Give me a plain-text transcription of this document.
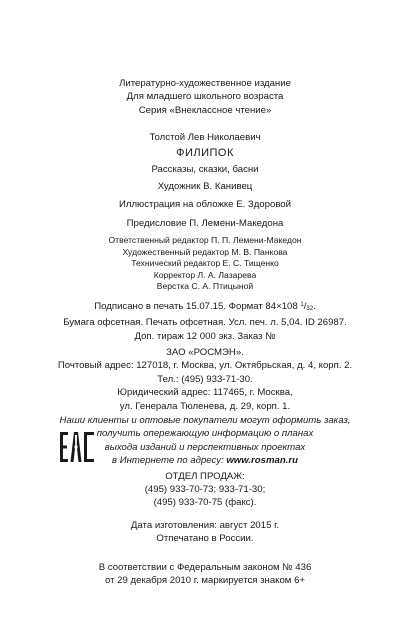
Литературно-художественное издание
Для младшего школьного возраста
Серия «Внеклассное чтение»
Толстой Лев Николаевич
ФИЛИПОК
Рассказы, сказки, басни
Художник В. Канивец
Иллюстрация на обложке Е. Здоровой
Предисловие П. Лемени-Македона
Ответственный редактор П. П. Лемени-Македон
Художественный редактор М. В. Панкова
Технический редактор Е. С. Тищенко
Корректор Л. А. Лазарева
Верстка С. А. Птицыной
Подписано в печать 15.07.15. Формат 84×108 $^1$/32.
Бумага офсетная. Печать офсетная. Усл. печ. л. 5,04. ID 26987.
Доп. тираж 12 000 экз. Заказ №
ЗАО «РОСМЭН».
Почтовый адрес: 127018, г. Москва, ул. Октябрьская, д. 4, корп. 2.
Тел.: (495) 933-71-30.
Юридический адрес: 117465, г. Москва,
ул. Генерала Тюленева, д. 29, корп. 1.
Наши клиенты и оптовые покупатели могут оформить заказ,
получить опережающую информацию о планах
выхода изданий и перспективных проектах
в Интернете по адресу: www.rosman.ru
ОТДЕЛ ПРОДАЖ:
(495) 933-70-73; 933-71-30;
(495) 933-70-75 (факс).
Дата изготовления: август 2015 г.
Отпечатано в России.
В соответствии с Федеральным законом № 436
от 29 декабря 2010 г. маркируется знаком 6+
